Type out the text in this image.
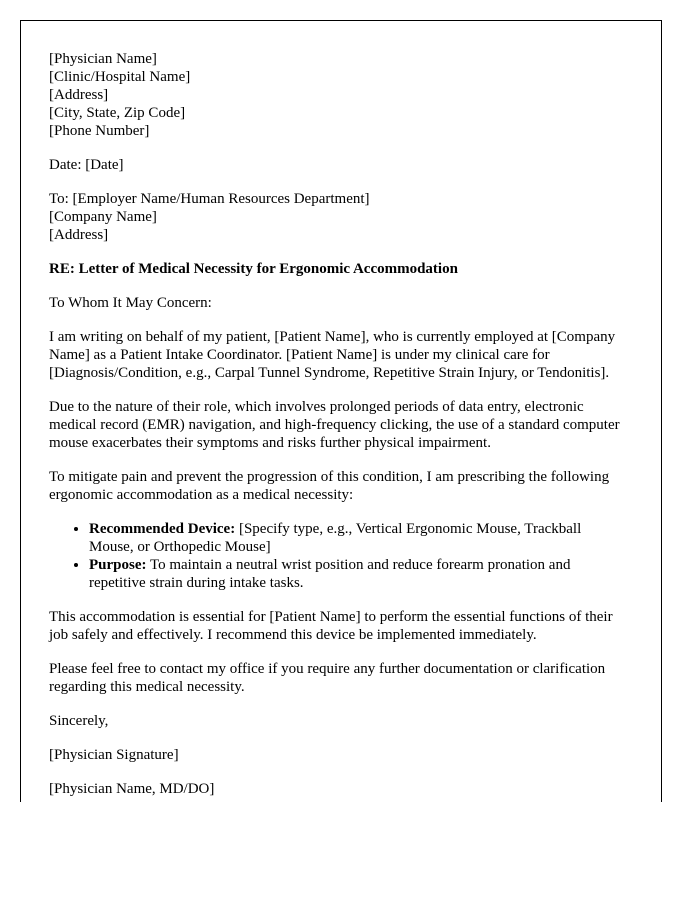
[Physician Name]
[Clinic/Hospital Name]
[Address]
[City, State, Zip Code]
[Phone Number]

Date: [Date]

To: [Employer Name/Human Resources Department]
[Company Name]
[Address]

RE: Letter of Medical Necessity for Ergonomic Accommodation

To Whom It May Concern:

I am writing on behalf of my patient, [Patient Name], who is currently employed at [Company Name] as a Patient Intake Coordinator. [Patient Name] is under my clinical care for [Diagnosis/Condition, e.g., Carpal Tunnel Syndrome, Repetitive Strain Injury, or Tendonitis].

Due to the nature of their role, which involves prolonged periods of data entry, electronic medical record (EMR) navigation, and high-frequency clicking, the use of a standard computer mouse exacerbates their symptoms and risks further physical impairment.

To mitigate pain and prevent the progression of this condition, I am prescribing the following ergonomic accommodation as a medical necessity:

• Recommended Device: [Specify type, e.g., Vertical Ergonomic Mouse, Trackball Mouse, or Orthopedic Mouse]
• Purpose: To maintain a neutral wrist position and reduce forearm pronation and repetitive strain during intake tasks.

This accommodation is essential for [Patient Name] to perform the essential functions of their job safely and effectively. I recommend this device be implemented immediately.

Please feel free to contact my office if you require any further documentation or clarification regarding this medical necessity.

Sincerely,

[Physician Signature]

[Physician Name, MD/DO]
